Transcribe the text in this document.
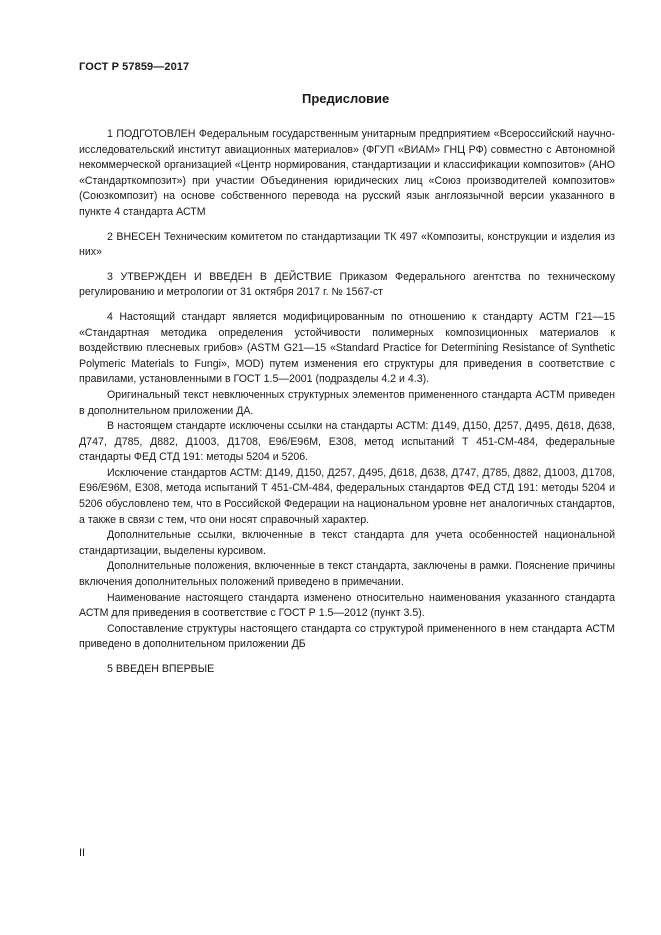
ГОСТ Р 57859—2017
Предисловие

1 ПОДГОТОВЛЕН Федеральным государственным унитарным предприятием «Всероссийский научно-исследовательский институт авиационных материалов» (ФГУП «ВИАМ» ГНЦ РФ) совместно с Автономной некоммерческой организацией «Центр нормирования, стандартизации и классификации композитов» (АНО «Стандарткомпозит») при участии Объединения юридических лиц «Союз производителей композитов» (Союзкомпозит) на основе собственного перевода на русский язык англоязычной версии указанного в пункте 4 стандарта АСТМ

2 ВНЕСЕН Техническим комитетом по стандартизации ТК 497 «Композиты, конструкции и изделия из них»

3 УТВЕРЖДЕН И ВВЕДЕН В ДЕЙСТВИЕ Приказом Федерального агентства по техническому регулированию и метрологии от 31 октября 2017 г. № 1567-ст

4 Настоящий стандарт является модифицированным по отношению к стандарту АСТМ Г21—15 «Стандартная методика определения устойчивости полимерных композиционных материалов к воздействию плесневых грибов» (ASTM G21—15 «Standard Practice for Determining Resistance of Synthetic Polymeric Materials to Fungi», MOD) путем изменения его структуры для приведения в соответствие с правилами, установленными в ГОСТ 1.5—2001 (подразделы 4.2 и 4.3).

Оригинальный текст невключенных структурных элементов примененного стандарта АСТМ приведен в дополнительном приложении ДА.

В настоящем стандарте исключены ссылки на стандарты АСТМ: Д149, Д150, Д257, Д495, Д618, Д638, Д747, Д785, Д882, Д1003, Д1708, Е96/Е96М, Е308, метод испытаний Т 451-СМ-484, федеральные стандарты ФЕД СТД 191: методы 5204 и 5206.

Исключение стандартов АСТМ: Д149, Д150, Д257, Д495, Д618, Д638, Д747, Д785, Д882, Д1003, Д1708, Е96/Е96М, Е308, метода испытаний Т 451-СМ-484, федеральных стандартов ФЕД СТД 191: методы 5204 и 5206 обусловлено тем, что в Российской Федерации на национальном уровне нет аналогичных стандартов, а также в связи с тем, что они носят справочный характер.

Дополнительные ссылки, включенные в текст стандарта для учета особенностей национальной стандартизации, выделены курсивом.

Дополнительные положения, включенные в текст стандарта, заключены в рамки. Пояснение причины включения дополнительных положений приведено в примечании.

Наименование настоящего стандарта изменено относительно наименования указанного стандарта АСТМ для приведения в соответствие с ГОСТ Р 1.5—2012 (пункт 3.5).

Сопоставление структуры настоящего стандарта со структурой примененного в нем стандарта АСТМ приведено в дополнительном приложении ДБ

5 ВВЕДЕН ВПЕРВЫЕ

II
